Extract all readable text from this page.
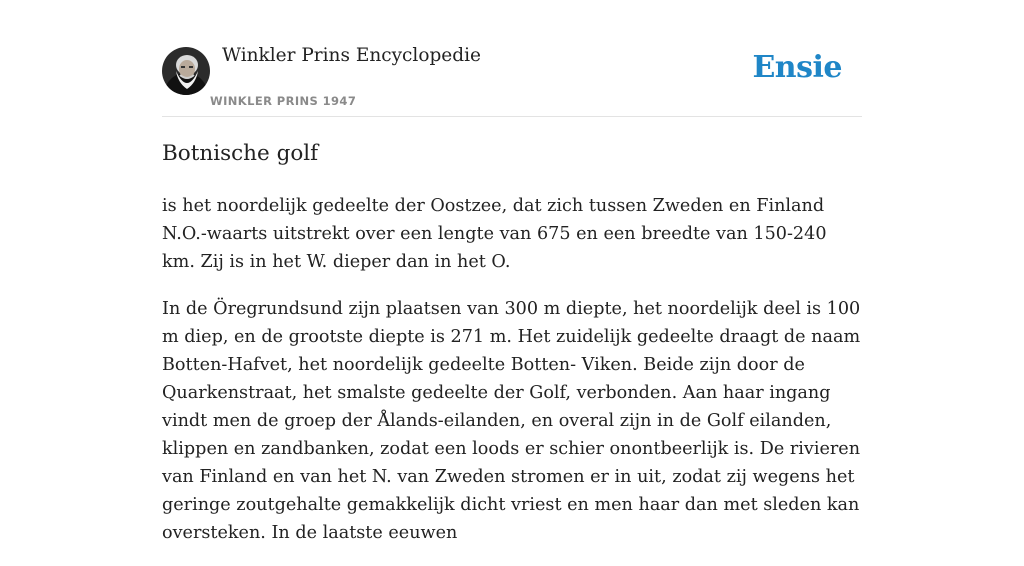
Winkler Prins Encyclopedie
WINKLER PRINS 1947
Ensie
Botnische golf

is het noordelijk gedeelte der Oostzee, dat zich tussen Zweden en Finland N.O.-waarts uitstrekt over een lengte van 675 en een breedte van 150-240 km. Zij is in het W. dieper dan in het O.

In de Öregrundsund zijn plaatsen van 300 m diepte, het noordelijk deel is 100 m diep, en de grootste diepte is 271 m. Het zuidelijk gedeelte draagt de naam Botten-Hafvet, het noordelijk gedeelte Botten- Viken. Beide zijn door de Quarkenstraat, het smalste gedeelte der Golf, verbonden. Aan haar ingang vindt men de groep der Ålands-eilanden, en overal zijn in de Golf eilanden, klippen en zandbanken, zodat een loods er schier onontbeerlijk is. De rivieren van Finland en van het N. van Zweden stromen er in uit, zodat zij wegens het geringe zoutgehalte gemakkelijk dicht vriest en men haar dan met sleden kan oversteken. In de laatste eeuwen
